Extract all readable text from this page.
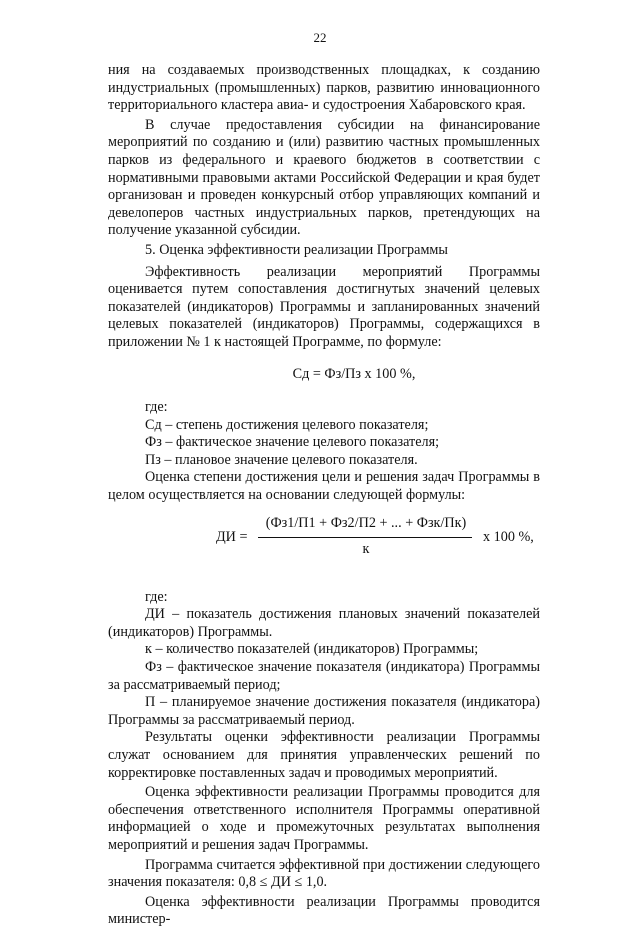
22

ния на создаваемых производственных площадках, к созданию индустриальных (промышленных) парков, развитию инновационного территориального кластера авиа- и судостроения Хабаровского края.

В случае предоставления субсидии на финансирование мероприятий по созданию и (или) развитию частных промышленных парков из федерального и краевого бюджетов в соответствии с нормативными правовыми актами Российской Федерации и края будет организован и проведен конкурсный отбор управляющих компаний и девелоперов частных индустриальных парков, претендующих на получение указанной субсидии.

5. Оценка эффективности реализации Программы

Эффективность реализации мероприятий Программы оценивается путем сопоставления достигнутых значений целевых показателей (индикаторов) Программы и запланированных значений целевых показателей (индикаторов) Программы, содержащихся в приложении № 1 к настоящей Программе, по формуле:

Сд = Фз/Пз х 100 %,

где:

Сд – степень достижения целевого показателя;

Фз – фактическое значение целевого показателя;

Пз – плановое значение целевого показателя.

Оценка степени достижения цели и решения задач Программы в целом осуществляется на основании следующей формулы:

ДИ =
(Фз1/П1 + Фз2/П2 + ... + Фзк/Пк)
к
х 100 %,

где:

ДИ – показатель достижения плановых значений показателей (индикаторов) Программы.

к – количество показателей (индикаторов) Программы;

Фз – фактическое значение показателя (индикатора) Программы за рассматриваемый период;

П – планируемое значение достижения показателя (индикатора) Программы за рассматриваемый период.

Результаты оценки эффективности реализации Программы служат основанием для принятия управленческих решений по корректировке поставленных задач и проводимых мероприятий.

Оценка эффективности реализации Программы проводится для обеспечения ответственного исполнителя Программы оперативной информацией о ходе и промежуточных результатах выполнения мероприятий и решения задач Программы.

Программа считается эффективной при достижении следующего значения показателя: 0,8 ≤ ДИ ≤ 1,0.

Оценка эффективности реализации Программы проводится министер-
